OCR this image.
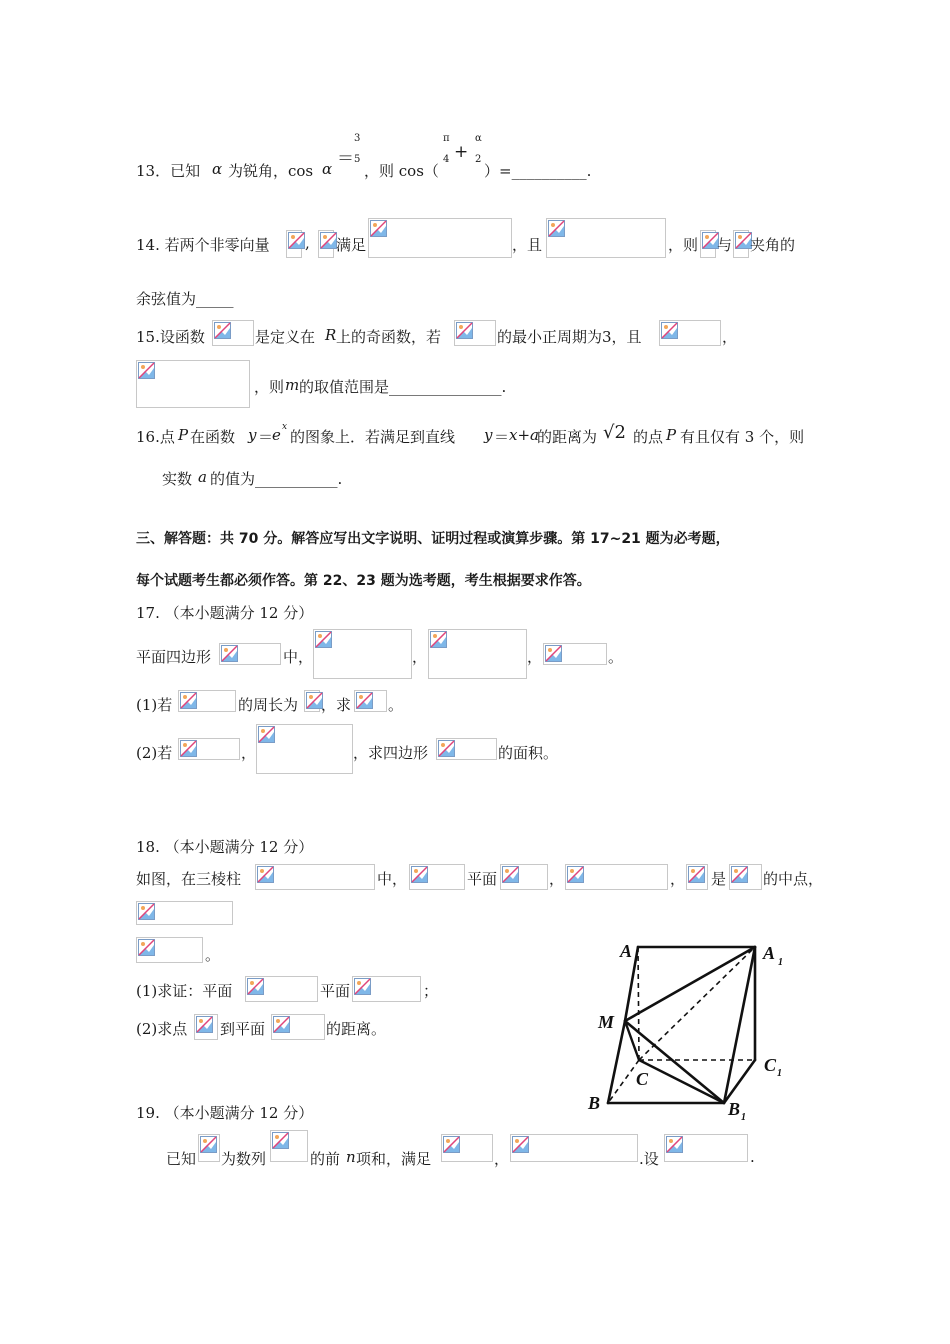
13．已知 α 为锐角，cos α ＝
3
5
，则 cos（
π
4 +
α
2
）=__________.
14. 若两个非零向量 , 满足	，且	，则 与 夹角的
余弦值为_____
15.设函数	是定义在 R 上的奇函数，若	的最小正周期为3，且	，
，则 m 的取值范围是_______________.
16.点 P 在函数 y ＝
e x
的图象上．若满足到直线 y ＝ x+a
的距离为 √2 的点 P 有且仅有 3 个，则
实数 a 的值为___________.
三、解答题：共 70 分。解答应写出文字说明、证明过程或演算步骤。第 17~21 题为必考题，
每个试题考生都必须作答。第 22、23 题为选考题，考生根据要求作答。
17. （本小题满分 12 分）
平面四边形	中，	，	，	。
(1)若	的周长为 ，求 。
(2)若	，	，求四边形	的面积。
18. （本小题满分 12 分）
如图，在三棱柱	中，	平面	，	， 是 的中点，
。
(1)求证：平面	平面	；
(2)求点 到平面	的距离。
A	A 1
M
C
C 1
B	B 1
19. （本小题满分 12 分）
已知 为数列	的前 n 项和，满足	，	.设	.
